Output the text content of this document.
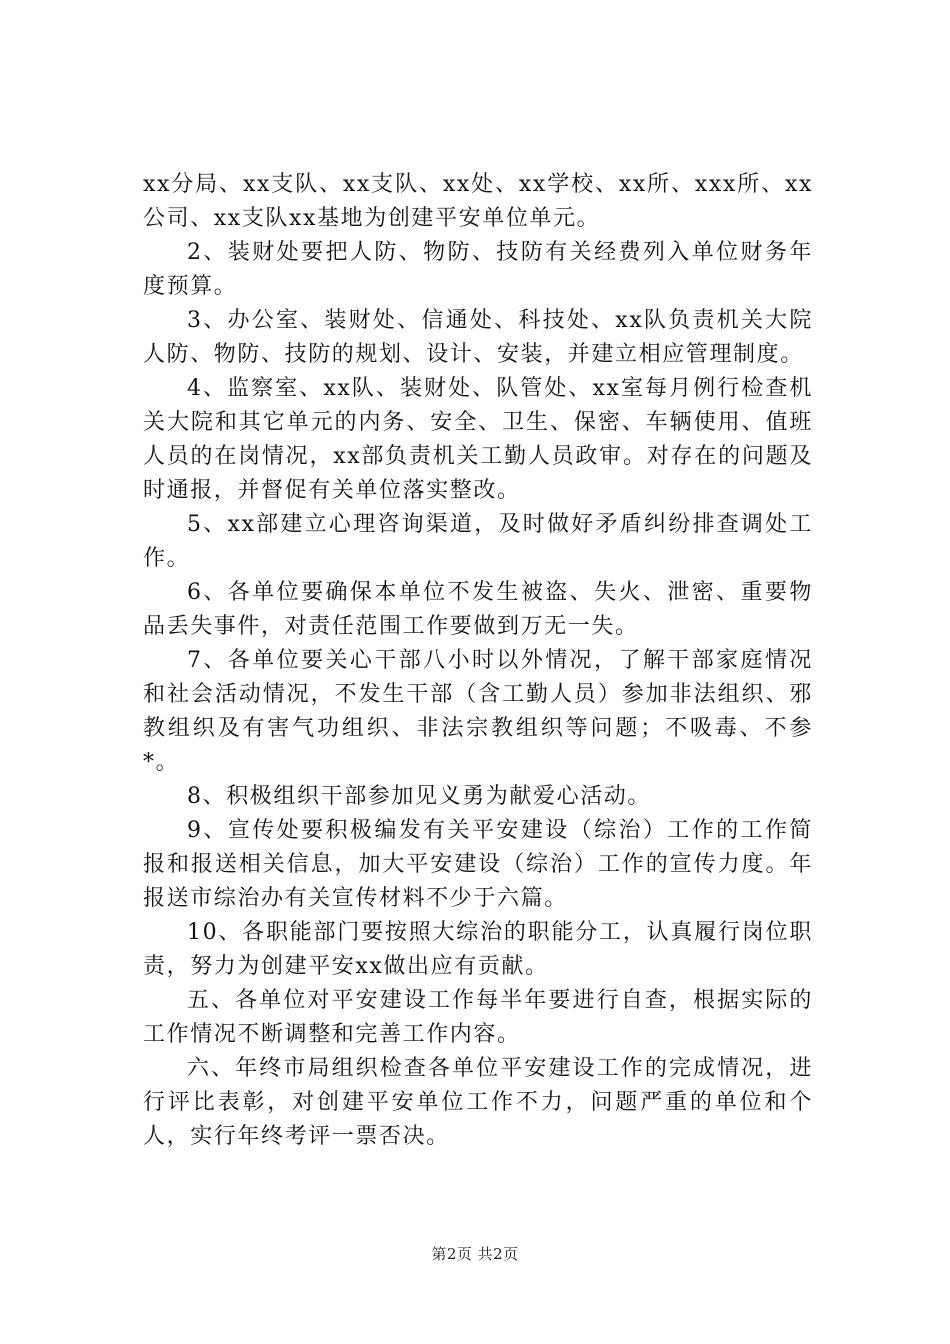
xx分局、xx支队、xx支队、xx处、xx学校、xx所、xxx所、xx公司、xx支队xx基地为创建平安单位单元。

2、装财处要把人防、物防、技防有关经费列入单位财务年度预算。

3、办公室、装财处、信通处、科技处、xx队负责机关大院人防、物防、技防的规划、设计、安装，并建立相应管理制度。

4、监察室、xx队、装财处、队管处、xx室每月例行检查机关大院和其它单元的内务、安全、卫生、保密、车辆使用、值班人员的在岗情况，xx部负责机关工勤人员政审。对存在的问题及时通报，并督促有关单位落实整改。

5、xx部建立心理咨询渠道，及时做好矛盾纠纷排查调处工作。

6、各单位要确保本单位不发生被盗、失火、泄密、重要物品丢失事件，对责任范围工作要做到万无一失。

7、各单位要关心干部八小时以外情况，了解干部家庭情况和社会活动情况，不发生干部（含工勤人员）参加非法组织、邪教组织及有害气功组织、非法宗教组织等问题；不吸毒、不参*。

8、积极组织干部参加见义勇为献爱心活动。

9、宣传处要积极编发有关平安建设（综治）工作的工作简报和报送相关信息，加大平安建设（综治）工作的宣传力度。年报送市综治办有关宣传材料不少于六篇。

10、各职能部门要按照大综治的职能分工，认真履行岗位职责，努力为创建平安xx做出应有贡献。

五、各单位对平安建设工作每半年要进行自查，根据实际的工作情况不断调整和完善工作内容。

六、年终市局组织检查各单位平安建设工作的完成情况，进行评比表彰，对创建平安单位工作不力，问题严重的单位和个人，实行年终考评一票否决。

第2页 共2页
